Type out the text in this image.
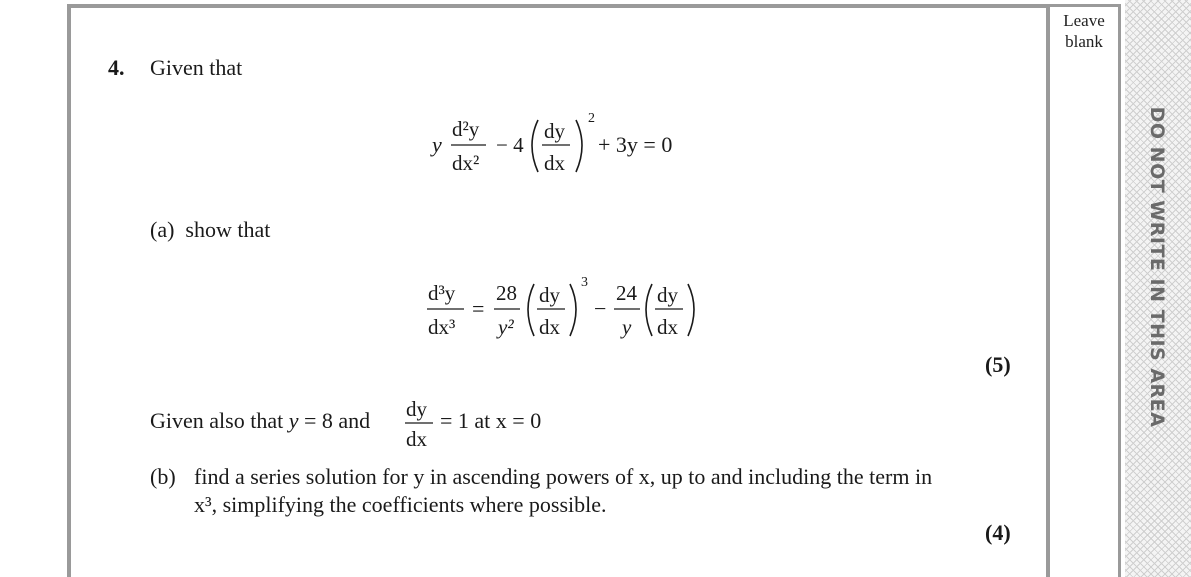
Leave
blank
DO NOT WRITE IN THIS AREA
4. Given that
y
d²y
dx²
− 4
dy
dx
2
+ 3y = 0
(a) show that
d³y
dx³
=
28
y²
dy
dx
3
−
24
y
dy
dx
(5)
Given also that y = 8 and dy
dx
= 1 at x = 0
(b) find a series solution for y in ascending powers of x, up to and including the term in
x³, simplifying the coefficients where possible.
(4)
